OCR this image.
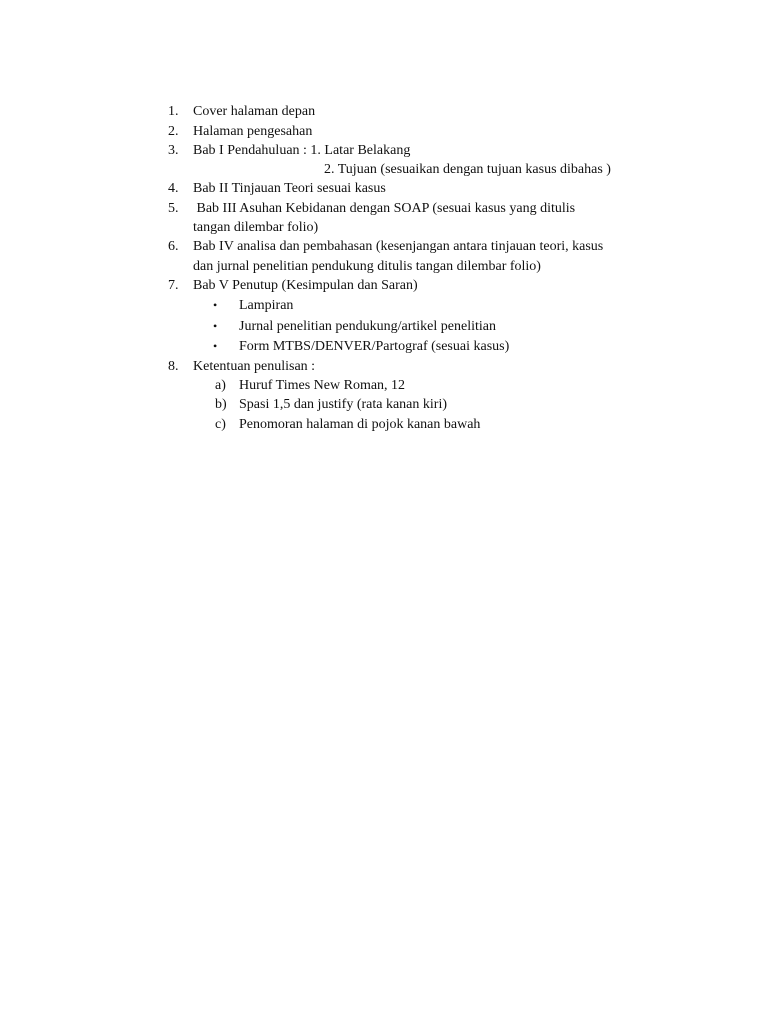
1. Cover halaman depan
2. Halaman pengesahan
3. Bab I Pendahuluan : 1. Latar Belakang
2. Tujuan (sesuaikan dengan tujuan kasus dibahas )
4. Bab II Tinjauan Teori sesuai kasus
5. Bab III Asuhan Kebidanan dengan SOAP (sesuai kasus yang ditulis
tangan dilembar folio)
6. Bab IV analisa dan pembahasan (kesenjangan antara tinjauan teori, kasus
dan jurnal penelitian pendukung ditulis tangan dilembar folio)
7. Bab V Penutup (Kesimpulan dan Saran)
• Lampiran
• Jurnal penelitian pendukung/artikel penelitian
• Form MTBS/DENVER/Partograf (sesuai kasus)
8. Ketentuan penulisan :
a) Huruf Times New Roman, 12
b) Spasi 1,5 dan justify (rata kanan kiri)
c) Penomoran halaman di pojok kanan bawah
